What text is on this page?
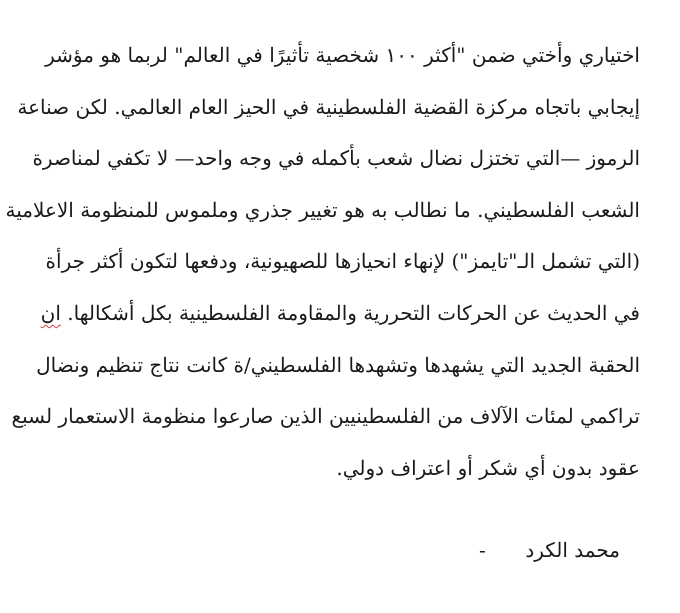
اختياري وأختي ضمن "أكثر ١٠٠ شخصية تأثيرًا في العالم" لربما هو مؤشر
إيجابي باتجاه مركزة القضية الفلسطينية في الحيز العام العالمي. لكن صناعة
الرموز —التي تختزل نضال شعب بأكمله في وجه واحد— لا تكفي لمناصرة
الشعب الفلسطيني. ما نطالب به هو تغيير جذري وملموس للمنظومة الاعلامية
(التي تشمل الـ"تايمز") لإنهاء انحيازها للصهيونية، ودفعها لتكون أكثر جرأة
في الحديث عن الحركات التحررية والمقاومة الفلسطينية بكل أشكالها. ان
الحقبة الجديد التي يشهدها وتشهدها الفلسطيني/ة كانت نتاج تنظيم ونضال
تراكمي لمئات الآلاف من الفلسطينيين الذين صارعوا منظومة الاستعمار لسبع
عقود بدون أي شكر أو اعتراف دولي.
محمد الكرد -
